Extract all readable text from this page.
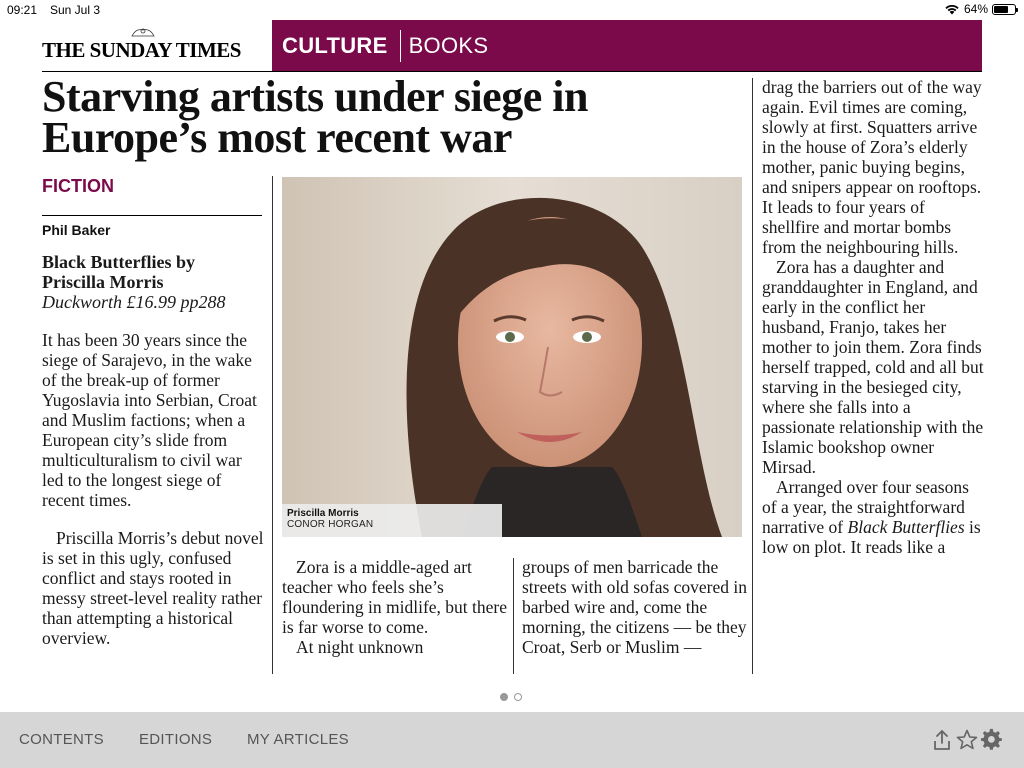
09:21 Sun Jul 3	64%
THE SUNDAY TIMES	CULTURE BOOKS
Starving artists under siege in
Europe’s most recent war
FICTION
Phil Baker
Black Butterflies by
Priscilla Morris
Duckworth £16.99 pp288

It has been 30 years since the siege of Sarajevo, in the wake of the break-up of former Yugoslavia into Serbian, Croat and Muslim factions; when a European city’s slide from multiculturalism to civil war led to the longest siege of recent times.

Priscilla Morris’s debut novel is set in this ugly, confused conflict and stays rooted in messy street-level reality rather than attempting a historical overview.

Priscilla Morris
CONOR HORGAN

Zora is a middle-aged art teacher who feels she’s floundering in midlife, but there is far worse to come.

At night unknown

groups of men barricade the streets with old sofas covered in barbed wire and, come the morning, the citizens — be they Croat, Serb or Muslim —

drag the barriers out of the way again. Evil times are coming, slowly at first. Squatters arrive in the house of Zora’s elderly mother, panic buying begins, and snipers appear on rooftops. It leads to four years of shellfire and mortar bombs from the neighbouring hills.

Zora has a daughter and granddaughter in England, and early in the conflict her husband, Franjo, takes her mother to join them. Zora finds herself trapped, cold and all but starving in the besieged city, where she falls into a passionate relationship with the Islamic bookshop owner Mirsad.

Arranged over four seasons of a year, the straightforward narrative of Black Butterflies is low on plot. It reads like a

CONTENTS EDITIONS MY ARTICLES
